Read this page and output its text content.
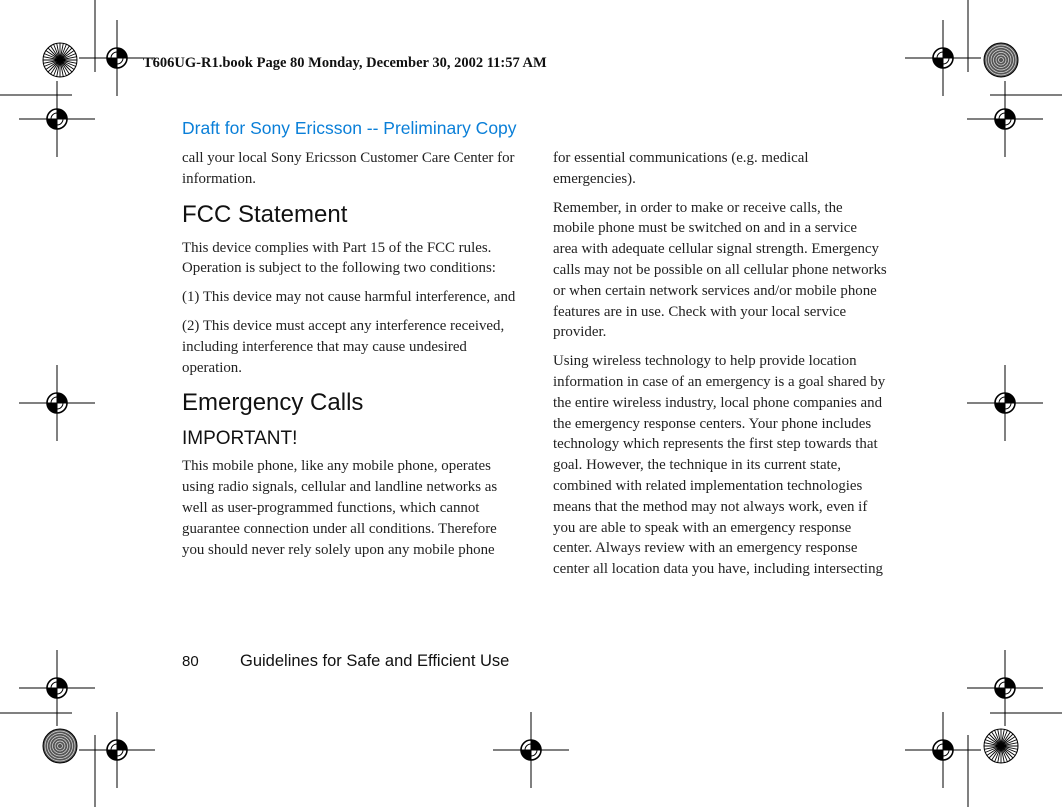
T606UG-R1.book Page 80 Monday, December 30, 2002 11:57 AM
Draft for Sony Ericsson -- Preliminary Copy

call your local Sony Ericsson Customer Care Center for
information.

FCC Statement

This device complies with Part 15 of the FCC rules.
Operation is subject to the following two conditions:

(1) This device may not cause harmful interference, and

(2) This device must accept any interference received,
including interference that may cause undesired
operation.

Emergency Calls
IMPORTANT!

This mobile phone, like any mobile phone, operates
using radio signals, cellular and landline networks as
well as user-programmed functions, which cannot
guarantee connection under all conditions. Therefore
you should never rely solely upon any mobile phone

for essential communications (e.g. medical
emergencies).

Remember, in order to make or receive calls, the
mobile phone must be switched on and in a service
area with adequate cellular signal strength. Emergency
calls may not be possible on all cellular phone networks
or when certain network services and/or mobile phone
features are in use. Check with your local service
provider.

Using wireless technology to help provide location
information in case of an emergency is a goal shared by
the entire wireless industry, local phone companies and
the emergency response centers. Your phone includes
technology which represents the first step towards that
goal. However, the technique in its current state,
combined with related implementation technologies
means that the method may not always work, even if
you are able to speak with an emergency response
center. Always review with an emergency response
center all location data you have, including intersecting

80	Guidelines for Safe and Efficient Use
